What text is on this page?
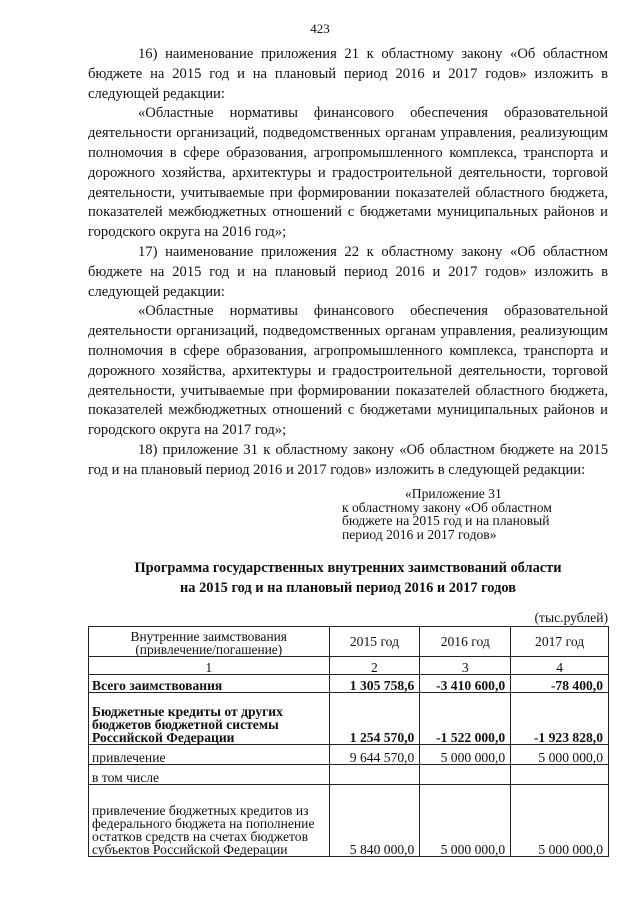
423

16) наименование приложения 21 к областному закону «Об областном бюджете на 2015 год и на плановый период 2016 и 2017 годов» изложить в следующей редакции:

«Областные нормативы финансового обеспечения образовательной деятельности организаций, подведомственных органам управления, реализующим полномочия в сфере образования, агропромышленного комплекса, транспорта и дорожного хозяйства, архитектуры и градостроительной деятельности, торговой деятельности, учитываемые при формировании показателей областного бюджета, показателей межбюджетных отношений с бюджетами муниципальных районов и городского округа на 2016 год»;

17) наименование приложения 22 к областному закону «Об областном бюджете на 2015 год и на плановый период 2016 и 2017 годов» изложить в следующей редакции:

«Областные нормативы финансового обеспечения образовательной деятельности организаций, подведомственных органам управления, реализующим полномочия в сфере образования, агропромышленного комплекса, транспорта и дорожного хозяйства, архитектуры и градостроительной деятельности, торговой деятельности, учитываемые при формировании показателей областного бюджета, показателей межбюджетных отношений с бюджетами муниципальных районов и городского округа на 2017 год»;

18) приложение 31 к областному закону «Об областном бюджете на 2015 год и на плановый период 2016 и 2017 годов» изложить в следующей редакции:

«Приложение 31
к областному закону «Об областном
бюджете на 2015 год и на плановый
период 2016 и 2017 годов»
Программа государственных внутренних заимствований области
на 2015 год и на плановый период 2016 и 2017 годов
(тыс.рублей)
Внутренние заимствования (привлечение/погашение)	2015 год	2016 год	2017 год
1	2	3	4
Всего заимствования	1 305 758,6	-3 410 600,0	-78 400,0
Бюджетные кредиты от других бюджетов бюджетной системы Российской Федерации	1 254 570,0	-1 522 000,0	-1 923 828,0
привлечение	9 644 570,0	5 000 000,0	5 000 000,0
в том числе			
привлечение бюджетных кредитов из федерального бюджета на пополнение остатков средств на счетах бюджетов субъектов Российской Федерации	5 840 000,0	5 000 000,0	5 000 000,0
